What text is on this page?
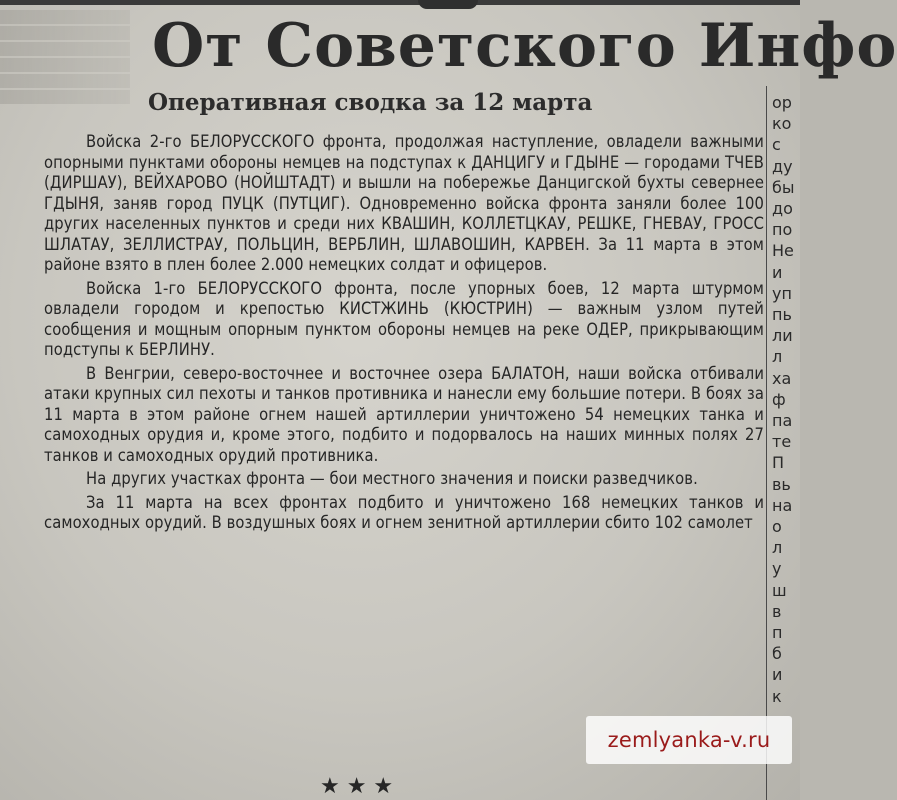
От Советского Инфо
Оперативная сводка за 12 марта

Войска 2-го БЕЛОРУССКОГО фронта, продолжая наступление, овладели важными опорными пунктами обороны немцев на подступах к ДАНЦИГУ и ГДЫНЕ — городами ТЧЕВ (ДИРШАУ), ВЕЙХАРОВО (НОЙШТАДТ) и вышли на побережье Данцигской бухты севернее ГДЫНЯ, заняв город ПУЦК (ПУТЦИГ). Одновременно войска фронта заняли более 100 других населенных пунктов и среди них КВАШИН, КОЛЛЕТЦКАУ, РЕШКЕ, ГНЕВАУ, ГРОСС ШЛАТАУ, ЗЕЛЛИСТРАУ, ПОЛЬЦИН, ВЕРБЛИН, ШЛАВОШИН, КАРВЕН. За 11 марта в этом районе взято в плен более 2.000 немецких солдат и офицеров.

Войска 1-го БЕЛОРУССКОГО фронта, после упорных боев, 12 марта штурмом овладели городом и крепостью КИСТЖИНЬ (КЮСТРИН) — важным узлом путей сообщения и мощным опорным пунктом обороны немцев на реке ОДЕР, прикрывающим подступы к БЕРЛИНУ.

В Венгрии, северо-восточнее и восточнее озера БАЛАТОН, наши войска отбивали атаки крупных сил пехоты и танков противника и нанесли ему большие потери. В боях за 11 марта в этом районе огнем нашей артиллерии уничтожено 54 немецких танка и самоходных орудия и, кроме этого, подбито и подорвалось на наших минных полях 27 танков и самоходных орудий противника.

На других участках фронта — бои местного значения и поиски разведчиков.

За 11 марта на всех фронтах подбито и уничтожено 168 немецких танков и самоходных орудий. В воздушных боях и огнем зенитной артиллерии сбито 102 самолет

ор
ко
с
ду
бы
до
по
Не
и
уп
пь
ли
л
ха
ф
па
те
П
вь
на
о
л
у
ш
в
п
б
и
к
★ ★ ★
zemlyanka-v.ru
